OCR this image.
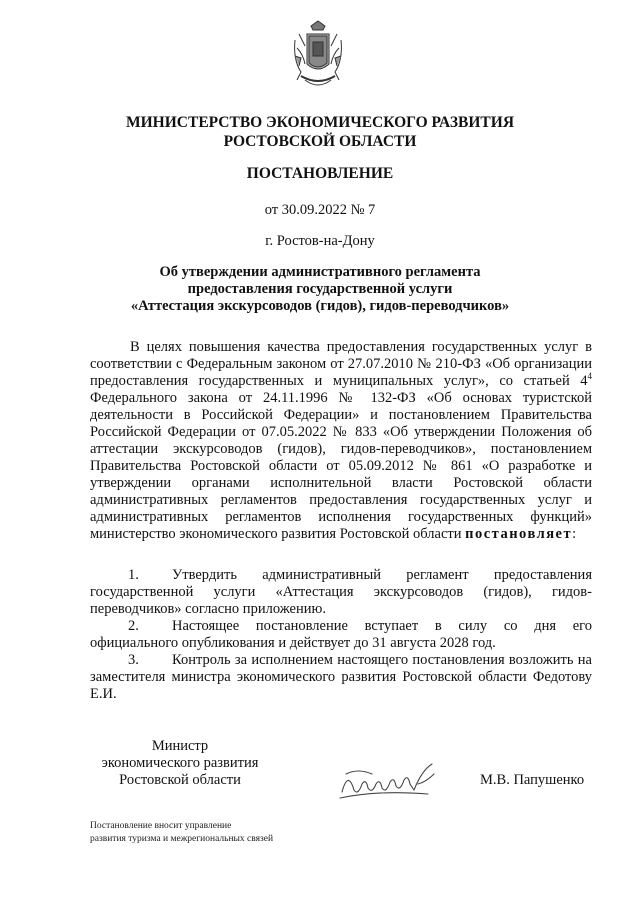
МИНИСТЕРСТВО ЭКОНОМИЧЕСКОГО РАЗВИТИЯ
РОСТОВСКОЙ ОБЛАСТИ
ПОСТАНОВЛЕНИЕ
от 30.09.2022 № 7
г. Ростов-на-Дону
Об утверждении административного регламента
предоставления государственной услуги
«Аттестация экскурсоводов (гидов), гидов-переводчиков»
В целях повышения качества предоставления государственных услуг в соответствии с Федеральным законом от 27.07.2010 № 210-ФЗ «Об организации предоставления государственных и муниципальных услуг», со статьей $4^4$ Федерального закона от 24.11.1996 № 132-ФЗ «Об основах туристской деятельности в Российской Федерации» и постановлением Правительства Российской Федерации от 07.05.2022 № 833 «Об утверждении Положения об аттестации экскурсоводов (гидов), гидов-переводчиков», постановлением Правительства Ростовской области от 05.09.2012 № 861 «О разработке и утверждении органами исполнительной власти Ростовской области административных регламентов предоставления государственных услуг и административных регламентов исполнения государственных функций» министерство экономического развития Ростовской области постановляет:
1. Утвердить административный регламент предоставления государственной услуги «Аттестация экскурсоводов (гидов), гидов-переводчиков» согласно приложению.
2. Настоящее постановление вступает в силу со дня его официального опубликования и действует до 31 августа 2028 год.
3. Контроль за исполнением настоящего постановления возложить на заместителя министра экономического развития Ростовской области Федотову Е.И.
Министр
экономического развития
Ростовской области	М.В. Папушенко
Постановление вносит управление
развития туризма и межрегиональных связей
